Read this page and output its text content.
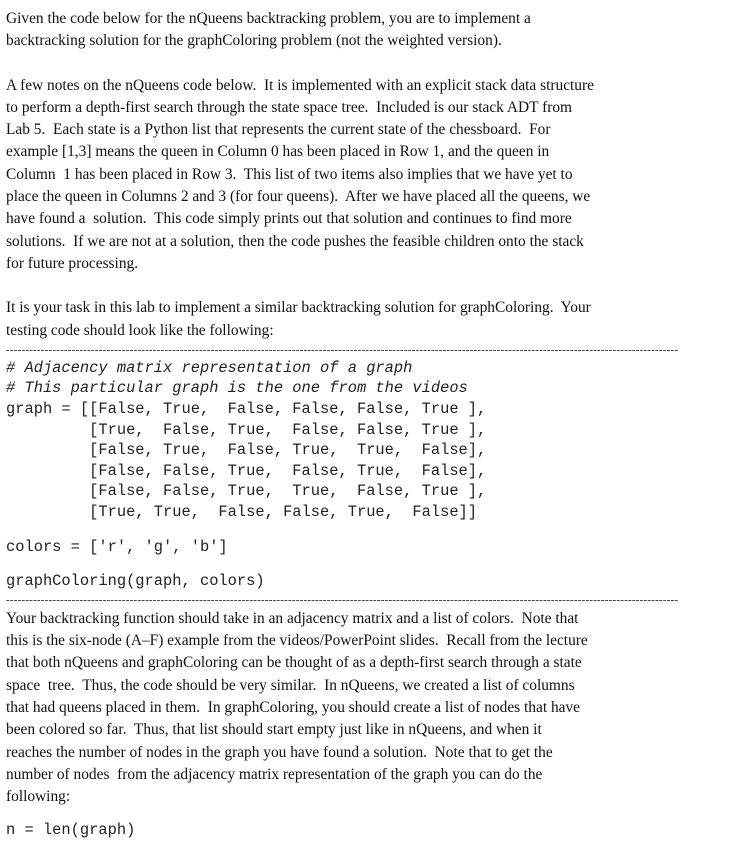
Given the code below for the nQueens backtracking problem, you are to implement a

backtracking solution for the graphColoring problem (not the weighted version).

A few notes on the nQueens code below.  It is implemented with an explicit stack data structure

to perform a depth-first search through the state space tree.  Included is our stack ADT from

Lab 5.  Each state is a Python list that represents the current state of the chessboard.  For

example [1,3] means the queen in Column 0 has been placed in Row 1, and the queen in

Column  1 has been placed in Row 3.  This list of two items also implies that we have yet to

place the queen in Columns 2 and 3 (for four queens).  After we have placed all the queens, we

have found a  solution.  This code simply prints out that solution and continues to find more

solutions.  If we are not at a solution, then the code pushes the feasible children onto the stack

for future processing.

It is your task in this lab to implement a similar backtracking solution for graphColoring.  Your

testing code should look like the following:

------------------------------------------------------------------------------------------------------------------------------------------------------------------------------
# Adjacency matrix representation of a graph
# This particular graph is the one from the videos
graph = [[False, True,  False, False, False, True ],
[True,  False, True,  False, False, True ],
[False, True,  False, True,  True,  False],
[False, False, True,  False, True,  False],
[False, False, True,  True,  False, True ],
[True, True,  False, False, True,  False]]
colors = ['r', 'g', 'b']
graphColoring(graph, colors)
------------------------------------------------------------------------------------------------------------------------------------------------------------------------------

Your backtracking function should take in an adjacency matrix and a list of colors.  Note that

this is the six-node (A–F) example from the videos/PowerPoint slides.  Recall from the lecture

that both nQueens and graphColoring can be thought of as a depth-first search through a state

space  tree.  Thus, the code should be very similar.  In nQueens, we created a list of columns

that had queens placed in them.  In graphColoring, you should create a list of nodes that have

been colored so far.  Thus, that list should start empty just like in nQueens, and when it

reaches the number of nodes in the graph you have found a solution.  Note that to get the

number of nodes  from the adjacency matrix representation of the graph you can do the

following:

n = len(graph)
